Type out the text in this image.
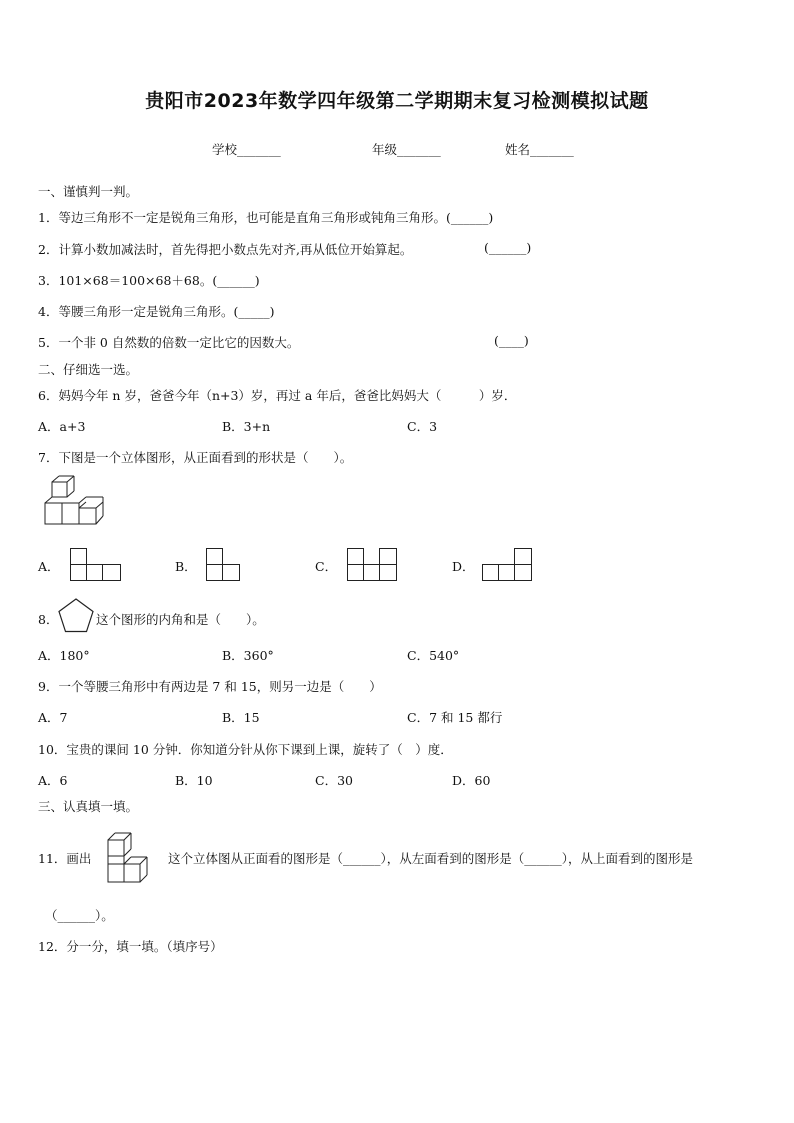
贵阳市2023年数学四年级第二学期期末复习检测模拟试题
学校_______	年级_______	姓名_______
一、谨慎判一判。
1．等边三角形不一定是锐角三角形，也可能是直角三角形或钝角三角形。(______)
2．计算小数加减法时，首先得把小数点先对齐,再从低位开始算起。	(______)
3．101×68＝100×68＋68。(______)
4．等腰三角形一定是锐角三角形。(_____)
5．一个非 0 自然数的倍数一定比它的因数大。	(____)
二、仔细选一选。
6．妈妈今年 n 岁，爸爸今年（n+3）岁，再过 a 年后，爸爸比妈妈大（　　　）岁．
A．a+3	B．3+n	C．3
7．下图是一个立体图形，从正面看到的形状是（　　）。
A．	B．	C．	D．
8．	这个图形的内角和是（　　）。
A．180°	B．360°	C．540°
9．一个等腰三角形中有两边是 7 和 15，则另一边是（　　）
A．7	B．15	C．7 和 15 都行
10．宝贵的课间 10 分钟．你知道分针从你下课到上课，旋转了（　）度．
A．6	B．10	C．30	D．60
三、认真填一填。
11．画出	这个立体图从正面看的图形是（______），从左面看到的图形是（______），从上面看到的图形是
（______）。
12．分一分，填一填。（填序号）
